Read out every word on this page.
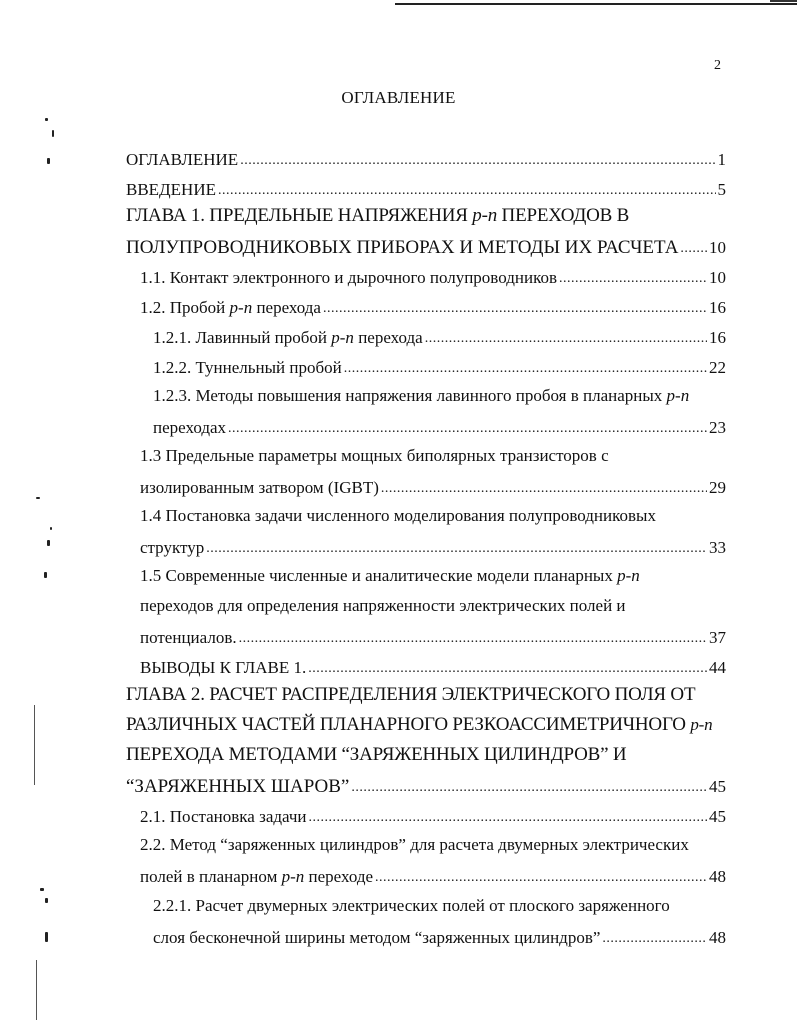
2
ОГЛАВЛЕНИЕ
ОГЛАВЛЕНИЕ .....	1
ВВЕДЕНИЕ .....	5
ГЛАВА 1. ПРЕДЕЛЬНЫЕ НАПРЯЖЕНИЯ p-n ПЕРЕХОДОВ В
ПОЛУПРОВОДНИКОВЫХ ПРИБОРАХ И МЕТОДЫ ИХ РАСЧЕТА ..... 10
1.1. Контакт электронного и дырочного полупроводников .....	10
1.2. Пробой p-n перехода .....	16
1.2.1. Лавинный пробой p-n перехода .....	16
1.2.2. Туннельный пробой .....	22
1.2.3. Методы повышения напряжения лавинного пробоя в планарных p-n
переходах .....	23
1.3 Предельные параметры мощных биполярных транзисторов с
изолированным затвором (IGBT) .....	29
1.4 Постановка задачи численного моделирования полупроводниковых
структур .....	33
1.5 Современные численные и аналитические модели планарных p-n
переходов для определения напряженности электрических полей и
потенциалов. .....	37
ВЫВОДЫ К ГЛАВЕ 1. .....	44
ГЛАВА 2. РАСЧЕТ РАСПРЕДЕЛЕНИЯ ЭЛЕКТРИЧЕСКОГО ПОЛЯ ОТ
РАЗЛИЧНЫХ ЧАСТЕЙ ПЛАНАРНОГО РЕЗКОАССИМЕТРИЧНОГО p-n
ПЕРЕХОДА МЕТОДАМИ “ЗАРЯЖЕННЫХ ЦИЛИНДРОВ” И
“ЗАРЯЖЕННЫХ ШАРОВ” .....	45
2.1. Постановка задачи .....	45
2.2. Метод “заряженных цилиндров” для расчета двумерных электрических
полей в планарном p-n переходе .....	48
2.2.1. Расчет двумерных электрических полей от плоского заряженного
слоя бесконечной ширины методом “заряженных цилиндров” .....	48
